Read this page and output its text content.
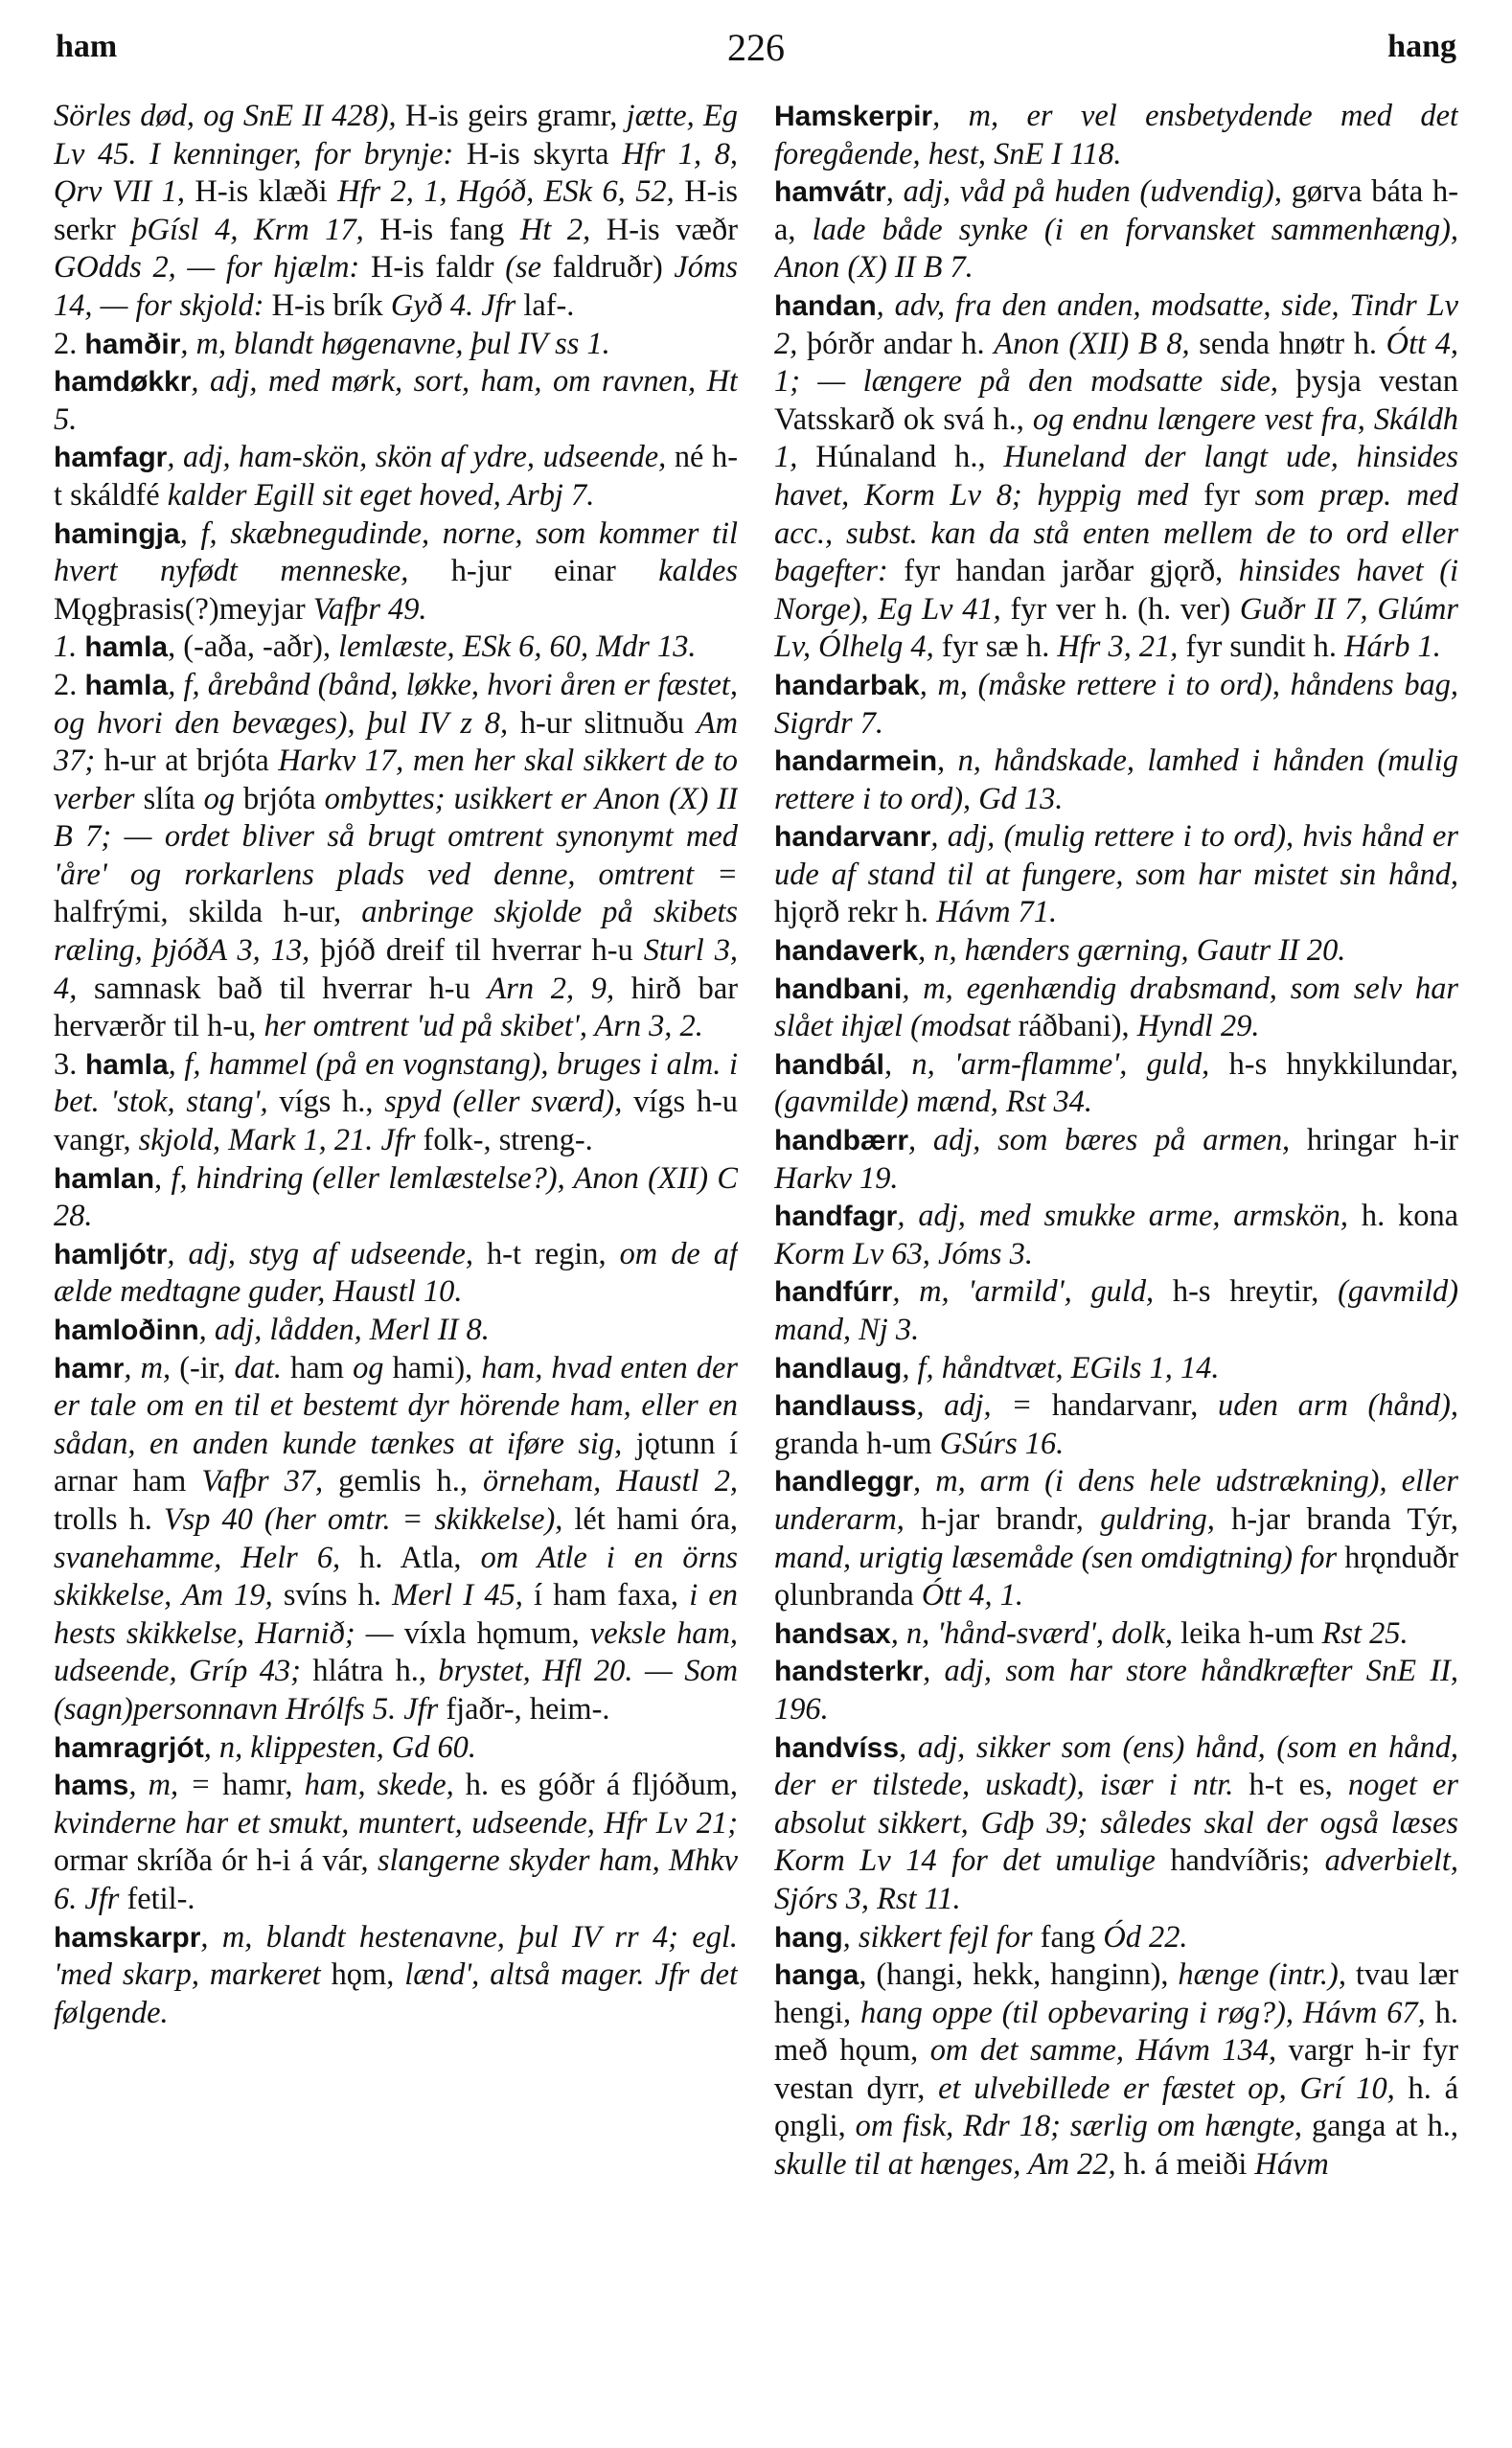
ham	226	hang

Sörles død, og SnE II 428), H-is geirs gramr, jætte, Eg Lv 45. I kenninger, for brynje: H-is skyrta Hfr 1, 8, Ǫrv VII 1, H-is klæði Hfr 2, 1, Hgóð, ESk 6, 52, H-is serkr þGísl 4, Krm 17, H-is fang Ht 2, H-is væðr GOdds 2, — for hjælm: H-is faldr (se faldruðr) Jóms 14, — for skjold: H-is brík Gyð 4. Jfr laf-.

2. hamðir, m, blandt høgenavne, þul IV ss 1.

hamdøkkr, adj, med mørk, sort, ham, om ravnen, Ht 5.

hamfagr, adj, ham-skön, skön af ydre, udseende, né h-t skáldfé kalder Egill sit eget hoved, Arbj 7.

hamingja, f, skæbnegudinde, norne, som kommer til hvert nyfødt menneske, h-jur einar kaldes Mǫgþrasis(?)meyjar Vafþr 49.

1. hamla, (-aða, -aðr), lemlæste, ESk 6, 60, Mdr 13.

2. hamla, f, årebånd (bånd, løkke, hvori åren er fæstet, og hvori den bevæges), þul IV z 8, h-ur slitnuðu Am 37; h-ur at brjóta Harkv 17, men her skal sikkert de to verber slíta og brjóta ombyttes; usikkert er Anon (X) II B 7; — ordet bliver så brugt omtrent synonymt med 'åre' og rorkarlens plads ved denne, omtrent = halfrými, skilda h-ur, anbringe skjolde på skibets ræling, þjóðA 3, 13, þjóð dreif til hverrar h-u Sturl 3, 4, samnask bað til hverrar h-u Arn 2, 9, hirð bar herværðr til h-u, her omtrent 'ud på skibet', Arn 3, 2.

3. hamla, f, hammel (på en vognstang), bruges i alm. i bet. 'stok, stang', vígs h., spyd (eller sværd), vígs h-u vangr, skjold, Mark 1, 21. Jfr folk-, streng-.

hamlan, f, hindring (eller lemlæstelse?), Anon (XII) C 28.

hamljótr, adj, styg af udseende, h-t regin, om de af ælde medtagne guder, Haustl 10.

hamloðinn, adj, lådden, Merl II 8.

hamr, m, (-ir, dat. ham og hami), ham, hvad enten der er tale om en til et bestemt dyr hörende ham, eller en sådan, en anden kunde tænkes at iføre sig, jǫtunn í arnar ham Vafþr 37, gemlis h., örneham, Haustl 2, trolls h. Vsp 40 (her omtr. = skikkelse), lét hami óra, svanehamme, Helr 6, h. Atla, om Atle i en örns skikkelse, Am 19, svíns h. Merl I 45, í ham faxa, i en hests skikkelse, Harnið; — víxla hǫmum, veksle ham, udseende, Gríp 43; hlátra h., brystet, Hfl 20. — Som (sagn)personnavn Hrólfs 5. Jfr fjaðr-, heim-.

hamragrjót, n, klippesten, Gd 60.

hams, m, = hamr, ham, skede, h. es góðr á fljóðum, kvinderne har et smukt, muntert, udseende, Hfr Lv 21; ormar skríða ór h-i á vár, slangerne skyder ham, Mhkv 6. Jfr fetil-.

hamskarpr, m, blandt hestenavne, þul IV rr 4; egl. 'med skarp, markeret hǫm, lænd', altså mager. Jfr det følgende.

Hamskerpir, m, er vel ensbetydende med det foregående, hest, SnE I 118.

hamvátr, adj, våd på huden (udvendig), gørva báta h-a, lade både synke (i en forvansket sammenhæng), Anon (X) II B 7.

handan, adv, fra den anden, modsatte, side, Tindr Lv 2, þórðr andar h. Anon (XII) B 8, senda hnøtr h. Ótt 4, 1; — længere på den modsatte side, þysja vestan Vatsskarð ok svá h., og endnu længere vest fra, Skáldh 1, Húnaland h., Huneland der langt ude, hinsides havet, Korm Lv 8; hyppig med fyr som præp. med acc., subst. kan da stå enten mellem de to ord eller bagefter: fyr handan jarðar gjǫrð, hinsides havet (i Norge), Eg Lv 41, fyr ver h. (h. ver) Guðr II 7, Glúmr Lv, Ólhelg 4, fyr sæ h. Hfr 3, 21, fyr sundit h. Hárb 1.

handarbak, m, (måske rettere i to ord), håndens bag, Sigrdr 7.

handarmein, n, håndskade, lamhed i hånden (mulig rettere i to ord), Gd 13.

handarvanr, adj, (mulig rettere i to ord), hvis hånd er ude af stand til at fungere, som har mistet sin hånd, hjǫrð rekr h. Hávm 71.

handaverk, n, hænders gærning, Gautr II 20.

handbani, m, egenhændig drabsmand, som selv har slået ihjæl (modsat ráðbani), Hyndl 29.

handbál, n, 'arm-flamme', guld, h-s hnykkilundar, (gavmilde) mænd, Rst 34.

handbærr, adj, som bæres på armen, hringar h-ir Harkv 19.

handfagr, adj, med smukke arme, armskön, h. kona Korm Lv 63, Jóms 3.

handfúrr, m, 'armild', guld, h-s hreytir, (gavmild) mand, Nj 3.

handlaug, f, håndtvæt, EGils 1, 14.

handlauss, adj, = handarvanr, uden arm (hånd), granda h-um GSúrs 16.

handleggr, m, arm (i dens hele udstrækning), eller underarm, h-jar brandr, guldring, h-jar branda Týr, mand, urigtig læsemåde (sen omdigtning) for hrǫnduðr ǫlunbranda Ótt 4, 1.

handsax, n, 'hånd-sværd', dolk, leika h-um Rst 25.

handsterkr, adj, som har store håndkræfter SnE II, 196.

handvíss, adj, sikker som (ens) hånd, (som en hånd, der er tilstede, uskadt), især i ntr. h-t es, noget er absolut sikkert, Gdþ 39; således skal der også læses Korm Lv 14 for det umulige handvíðris; adverbielt, Sjórs 3, Rst 11.

hang, sikkert fejl for fang Ód 22.

hanga, (hangi, hekk, hanginn), hænge (intr.), tvau lær hengi, hang oppe (til opbevaring i røg?), Hávm 67, h. með hǫum, om det samme, Hávm 134, vargr h-ir fyr vestan dyrr, et ulvebillede er fæstet op, Grí 10, h. á ǫngli, om fisk, Rdr 18; særlig om hængte, ganga at h., skulle til at hænges, Am 22, h. á meiði Hávm
